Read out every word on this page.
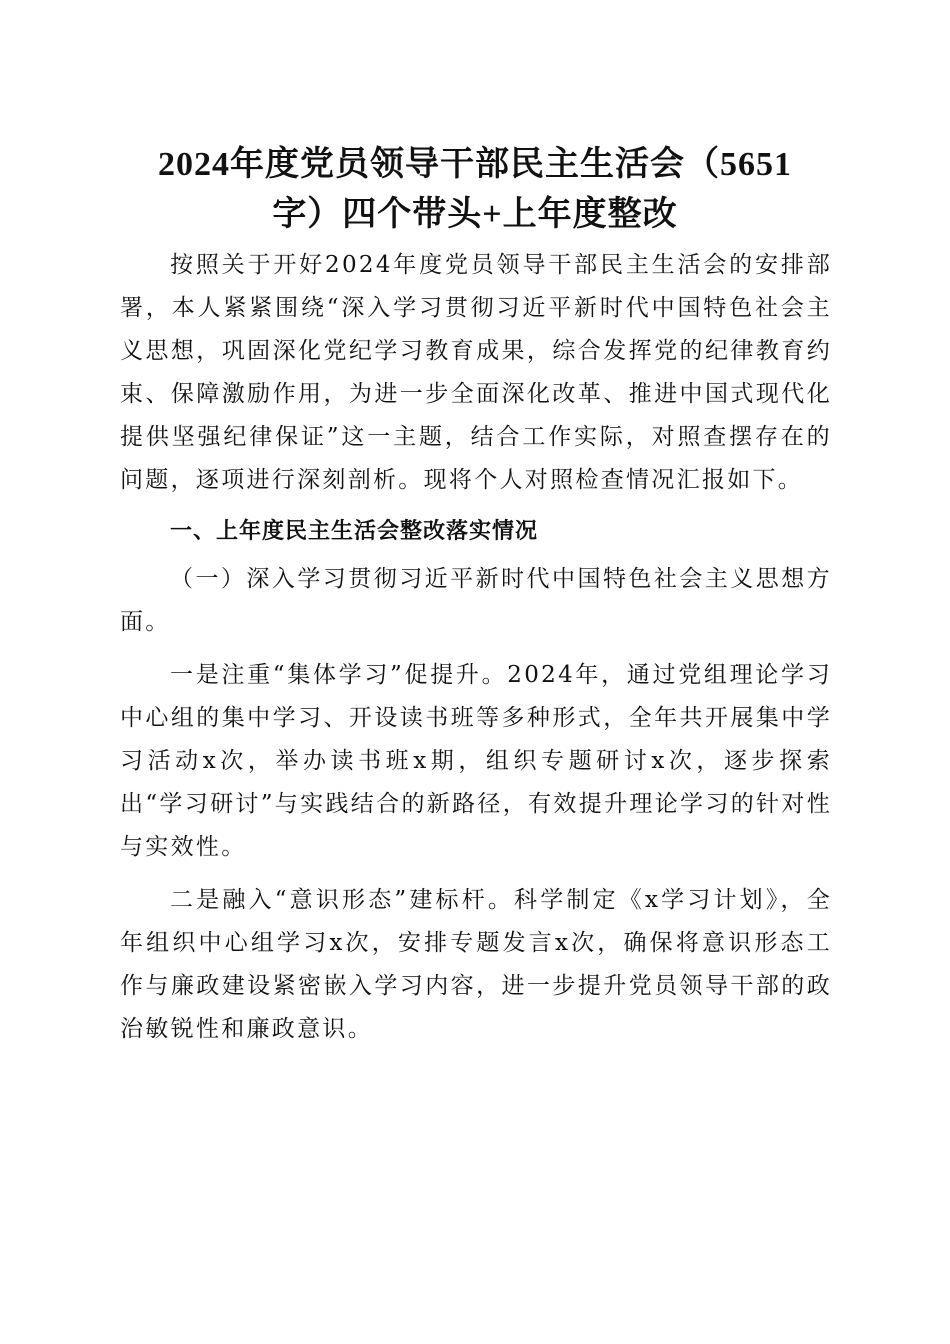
2024年度党员领导干部民主生活会（5651
字）四个带头+上年度整改

按照关于开好2024年度党员领导干部民主生活会的安排部署，本人紧紧围绕“深入学习贯彻习近平新时代中国特色社会主义思想，巩固深化党纪学习教育成果，综合发挥党的纪律教育约束、保障激励作用，为进一步全面深化改革、推进中国式现代化提供坚强纪律保证”这一主题，结合工作实际，对照查摆存在的问题，逐项进行深刻剖析。现将个人对照检查情况汇报如下。

一、上年度民主生活会整改落实情况

（一）深入学习贯彻习近平新时代中国特色社会主义思想方面。

一是注重“集体学习”促提升。2024年，通过党组理论学习中心组的集中学习、开设读书班等多种形式，全年共开展集中学习活动x次，举办读书班x期，组织专题研讨x次，逐步探索出“学习研讨”与实践结合的新路径，有效提升理论学习的针对性与实效性。

二是融入“意识形态”建标杆。科学制定《x学习计划》，全年组织中心组学习x次，安排专题发言x次，确保将意识形态工作与廉政建设紧密嵌入学习内容，进一步提升党员领导干部的政治敏锐性和廉政意识。
